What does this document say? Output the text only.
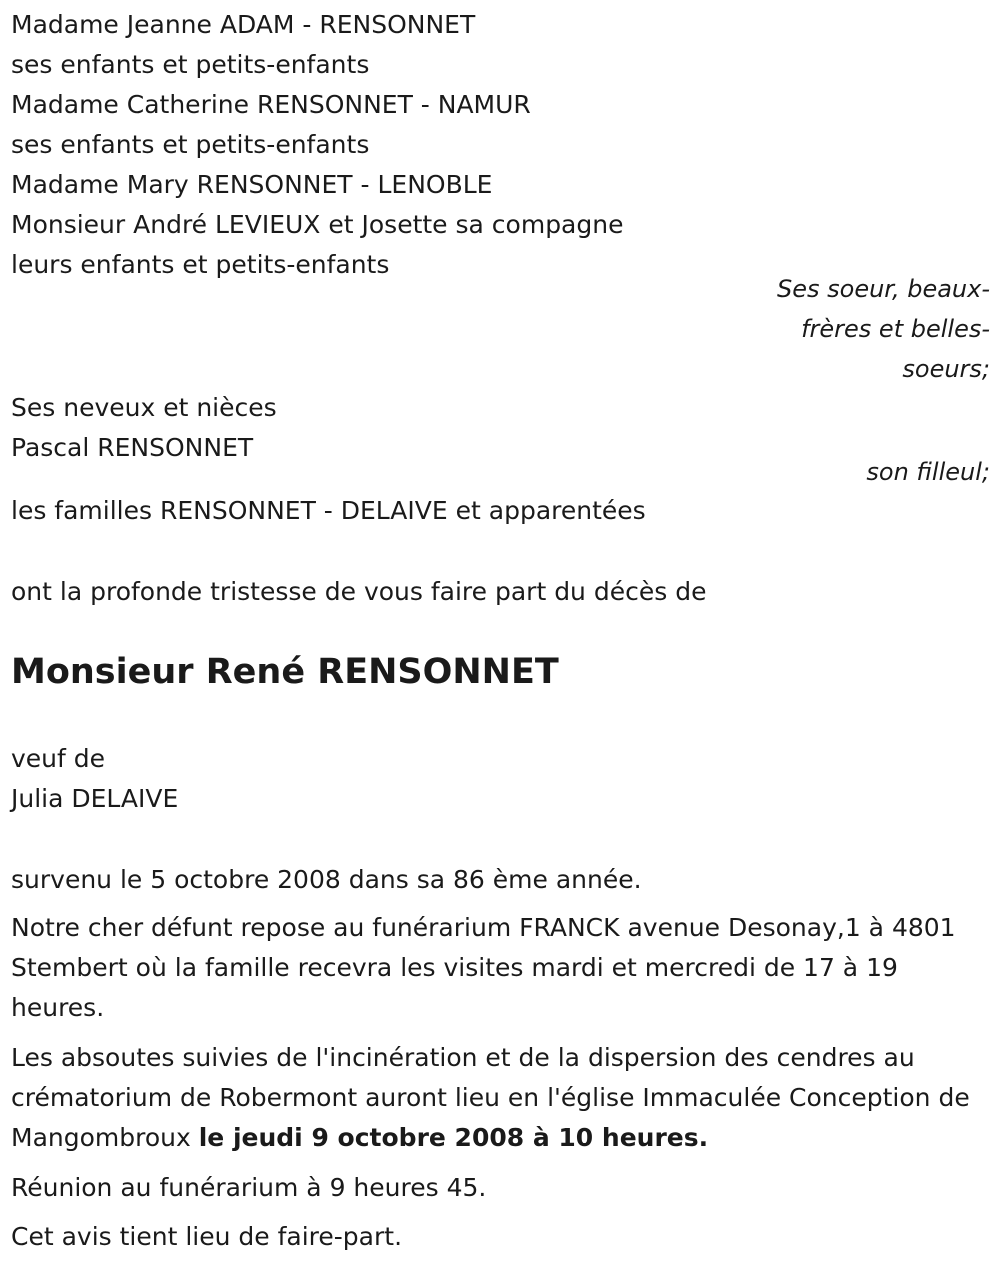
Madame Jeanne ADAM - RENSONNET
ses enfants et petits-enfants
Madame Catherine RENSONNET - NAMUR
ses enfants et petits-enfants
Madame Mary RENSONNET - LENOBLE
Monsieur André LEVIEUX et Josette sa compagne
leurs enfants et petits-enfants
Ses soeur, beaux-
frères et belles-
soeurs;
Ses neveux et nièces
Pascal RENSONNET
son filleul;
les familles RENSONNET - DELAIVE et apparentées
ont la profonde tristesse de vous faire part du décès de
Monsieur René RENSONNET
veuf de
Julia DELAIVE
survenu le 5 octobre 2008 dans sa 86 ème année.
Notre cher défunt repose au funérarium FRANCK avenue Desonay,1 à 4801 Stembert où la famille recevra les visites mardi et mercredi de 17 à 19 heures.
Les absoutes suivies de l'incinération et de la dispersion des cendres au crématorium de Robermont auront lieu en l'église Immaculée Conception de Mangombroux le jeudi 9 octobre 2008 à 10 heures.
Réunion au funérarium à 9 heures 45.
Cet avis tient lieu de faire-part.
